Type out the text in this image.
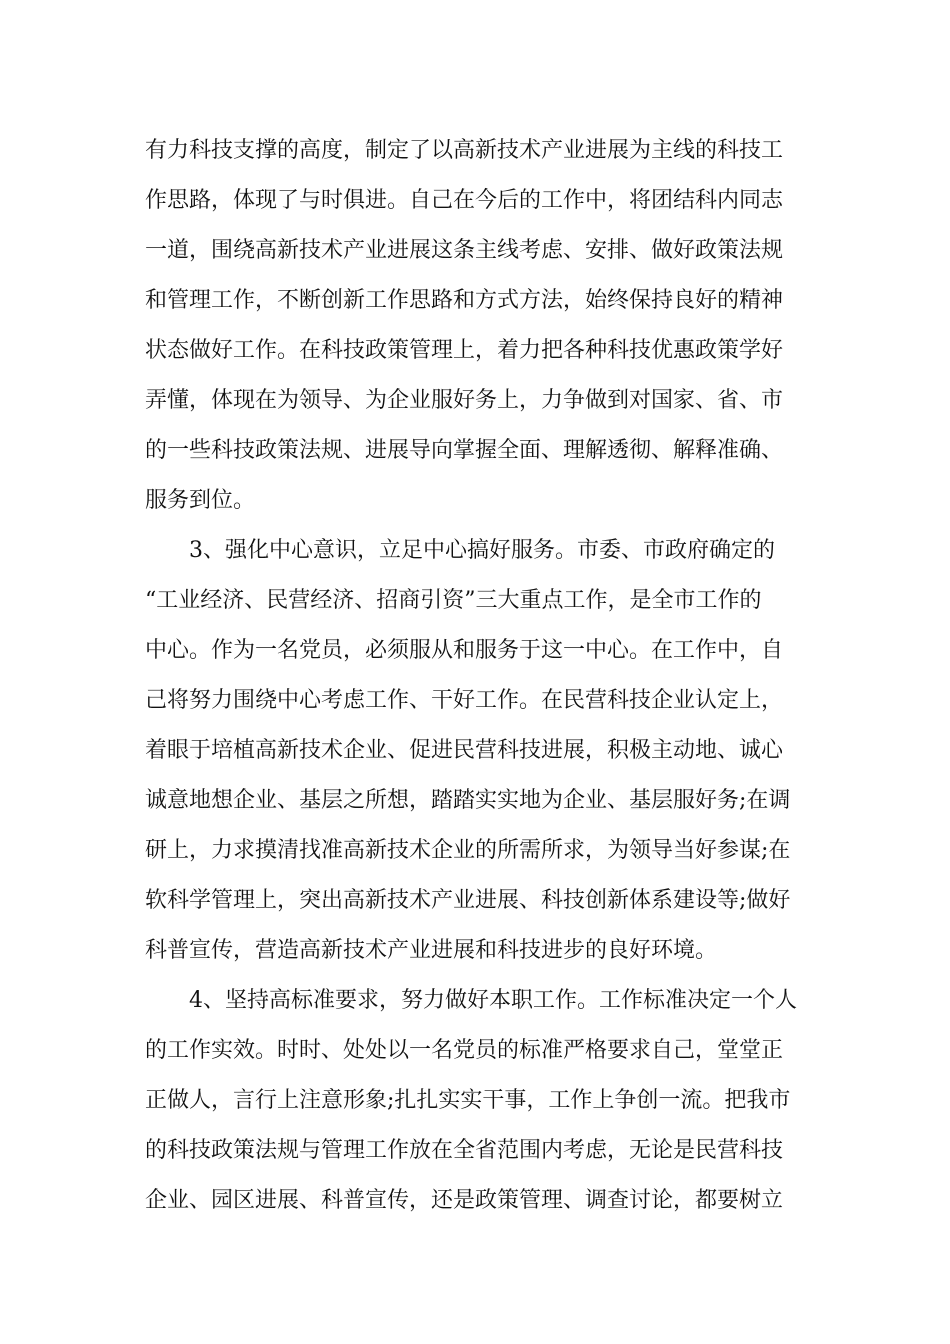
有力科技支撑的高度，制定了以高新技术产业进展为主线的科技工
作思路，体现了与时俱进。自己在今后的工作中，将团结科内同志
一道，围绕高新技术产业进展这条主线考虑、安排、做好政策法规
和管理工作，不断创新工作思路和方式方法，始终保持良好的精神
状态做好工作。在科技政策管理上，着力把各种科技优惠政策学好
弄懂，体现在为领导、为企业服好务上，力争做到对国家、省、市
的一些科技政策法规、进展导向掌握全面、理解透彻、解释准确、
服务到位。
3、强化中心意识，立足中心搞好服务。市委、市政府确定的
“工业经济、民营经济、招商引资”三大重点工作，是全市工作的
中心。作为一名党员，必须服从和服务于这一中心。在工作中，自
己将努力围绕中心考虑工作、干好工作。在民营科技企业认定上，
着眼于培植高新技术企业、促进民营科技进展，积极主动地、诚心
诚意地想企业、基层之所想，踏踏实实地为企业、基层服好务;在调
研上，力求摸清找准高新技术企业的所需所求，为领导当好参谋;在
软科学管理上，突出高新技术产业进展、科技创新体系建设等;做好
科普宣传，营造高新技术产业进展和科技进步的良好环境。
4、坚持高标准要求，努力做好本职工作。工作标准决定一个人
的工作实效。时时、处处以一名党员的标准严格要求自己，堂堂正
正做人，言行上注意形象;扎扎实实干事，工作上争创一流。把我市
的科技政策法规与管理工作放在全省范围内考虑，无论是民营科技
企业、园区进展、科普宣传，还是政策管理、调查讨论，都要树立
